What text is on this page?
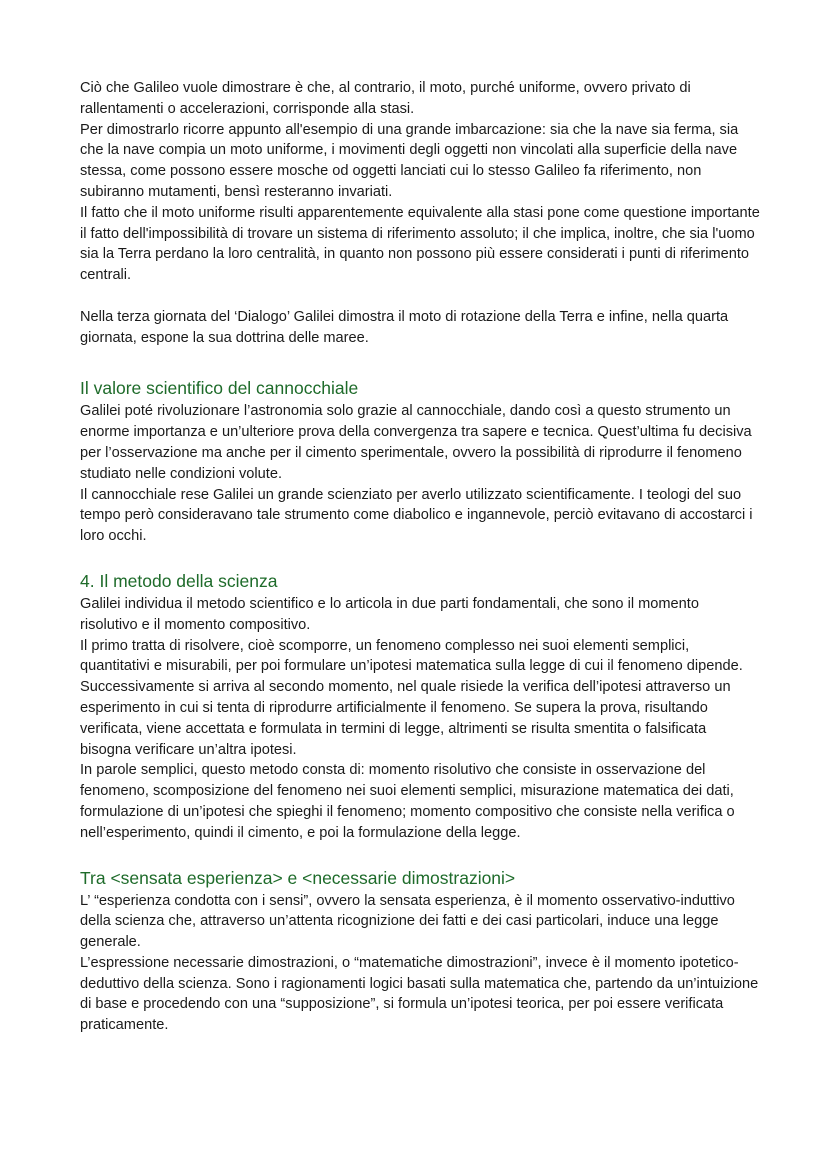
Ciò che Galileo vuole dimostrare è che, al contrario, il moto, purché uniforme, ovvero privato di rallentamenti o accelerazioni, corrisponde alla stasi.

Per dimostrarlo ricorre appunto all'esempio di una grande imbarcazione: sia che la nave sia ferma, sia che la nave compia un moto uniforme, i movimenti degli oggetti non vincolati alla superficie della nave stessa, come possono essere mosche od oggetti lanciati cui lo stesso Galileo fa riferimento, non subiranno mutamenti, bensì resteranno invariati.

Il fatto che il moto uniforme risulti apparentemente equivalente alla stasi pone come questione importante il fatto dell'impossibilità di trovare un sistema di riferimento assoluto; il che implica, inoltre, che sia l'uomo sia la Terra perdano la loro centralità, in quanto non possono più essere considerati i punti di riferimento centrali.

Nella terza giornata del ‘Dialogo’ Galilei dimostra il moto di rotazione della Terra e infine, nella quarta giornata, espone la sua dottrina delle maree.

Il valore scientifico del cannocchiale

Galilei poté rivoluzionare l’astronomia solo grazie al cannocchiale, dando così a questo strumento un enorme importanza e un’ulteriore prova della convergenza tra sapere e tecnica. Quest’ultima fu decisiva per l’osservazione ma anche per il cimento sperimentale, ovvero la possibilità di riprodurre il fenomeno studiato nelle condizioni volute.

Il cannocchiale rese Galilei un grande scienziato per averlo utilizzato scientificamente. I teologi del suo tempo però consideravano tale strumento come diabolico e ingannevole, perciò evitavano di accostarci i loro occhi.

4. Il metodo della scienza

Galilei individua il metodo scientifico e lo articola in due parti fondamentali, che sono il momento risolutivo e il momento compositivo.

Il primo tratta di risolvere, cioè scomporre, un fenomeno complesso nei suoi elementi semplici, quantitativi e misurabili, per poi formulare un’ipotesi matematica sulla legge di cui il fenomeno dipende.

Successivamente si arriva al secondo momento, nel quale risiede la verifica dell’ipotesi attraverso un esperimento in cui si tenta di riprodurre artificialmente il fenomeno. Se supera la prova, risultando verificata, viene accettata e formulata in termini di legge, altrimenti se risulta smentita o falsificata bisogna verificare un’altra ipotesi.

In parole semplici, questo metodo consta di: momento risolutivo che consiste in osservazione del fenomeno, scomposizione del fenomeno nei suoi elementi semplici, misurazione matematica dei dati, formulazione di un’ipotesi che spieghi il fenomeno; momento compositivo che consiste nella verifica o nell’esperimento, quindi il cimento, e poi la formulazione della legge.

Tra <sensata esperienza> e <necessarie dimostrazioni>

L’ “esperienza condotta con i sensi”, ovvero la sensata esperienza, è il momento osservativo-induttivo della scienza che, attraverso un’attenta ricognizione dei fatti e dei casi particolari, induce una legge generale.

L’espressione necessarie dimostrazioni, o “matematiche dimostrazioni”, invece è il momento ipotetico-deduttivo della scienza. Sono i ragionamenti logici basati sulla matematica che, partendo da un’intuizione di base e procedendo con una “supposizione”, si formula un’ipotesi teorica, per poi essere verificata praticamente.
